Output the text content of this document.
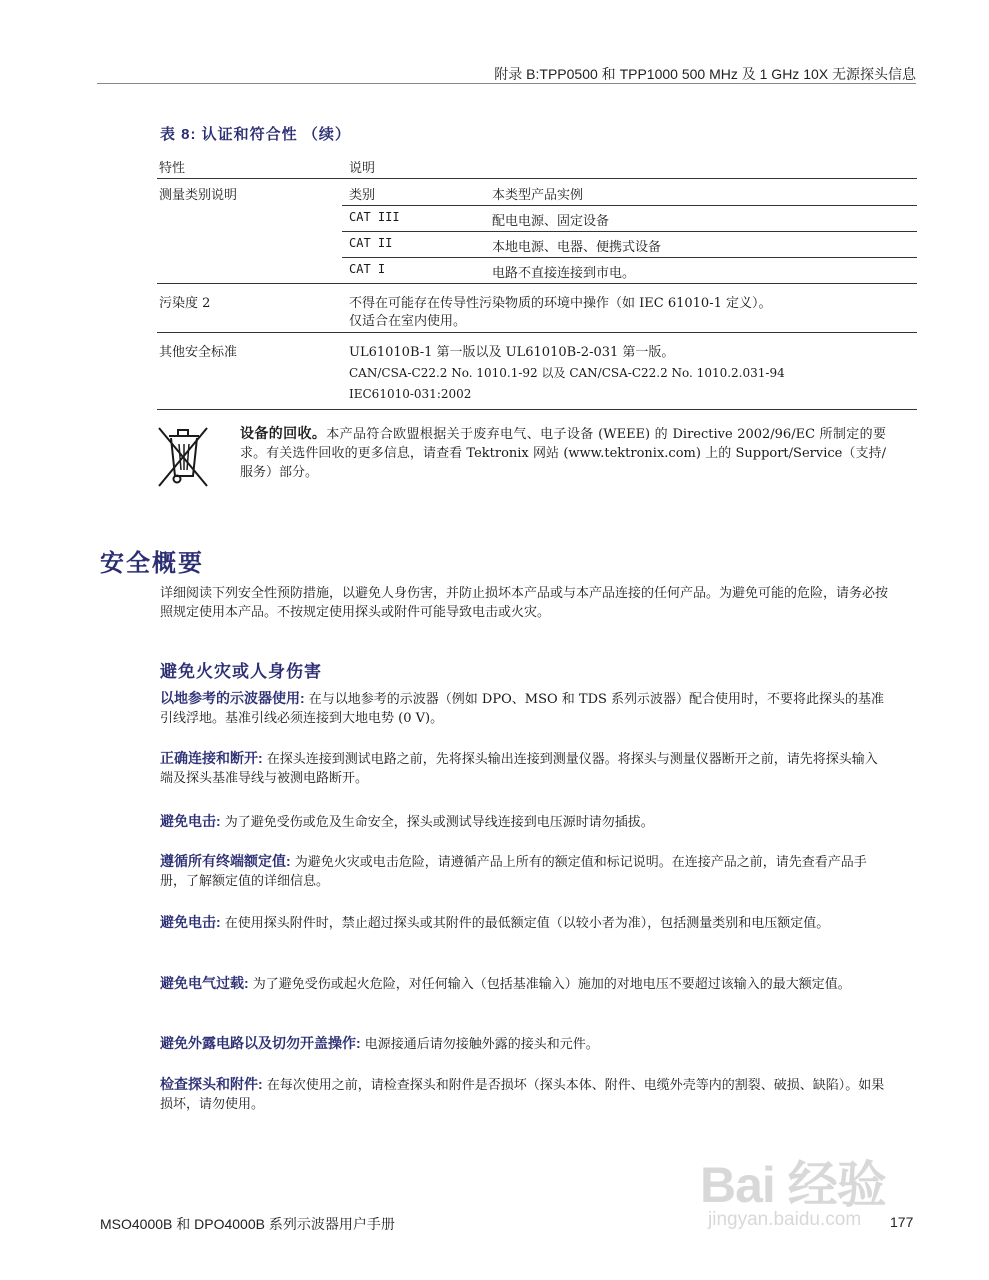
附录 B:TPP0500 和 TPP1000 500 MHz 及 1 GHz 10X 无源探头信息
表 8: 认证和符合性 （续）
特性	说明
测量类别说明	类别	本类型产品实例
CAT III	配电电源、固定设备
CAT II	本地电源、电器、便携式设备
CAT I	电路不直接连接到市电。
污染度 2	不得在可能存在传导性污染物质的环境中操作（如 IEC 61010-1 定义）。
仅适合在室内使用。
其他安全标准	UL61010B-1 第一版以及 UL61010B-2-031 第一版。
CAN/CSA-C22.2 No. 1010.1-92 以及 CAN/CSA-C22.2 No. 1010.2.031-94
IEC61010-031:2002
设备的回收。本产品符合欧盟根据关于废弃电气、电子设备 (WEEE) 的 Directive 2002/96/EC 所制定的要求。有关选件回收的更多信息，请查看 Tektronix 网站 (www.tektronix.com) 上的 Support/Service（支持/服务）部分。
安全概要
详细阅读下列安全性预防措施，以避免人身伤害，并防止损坏本产品或与本产品连接的任何产品。为避免可能的危险，请务必按照规定使用本产品。不按规定使用探头或附件可能导致电击或火灾。
避免火灾或人身伤害
以地参考的示波器使用: 在与以地参考的示波器（例如 DPO、MSO 和 TDS 系列示波器）配合使用时，不要将此探头的基准引线浮地。基准引线必须连接到大地电势 (0 V)。
正确连接和断开: 在探头连接到测试电路之前，先将探头输出连接到测量仪器。将探头与测量仪器断开之前，请先将探头输入端及探头基准导线与被测电路断开。
避免电击: 为了避免受伤或危及生命安全，探头或测试导线连接到电压源时请勿插拔。
遵循所有终端额定值: 为避免火灾或电击危险，请遵循产品上所有的额定值和标记说明。在连接产品之前，请先查看产品手册，了解额定值的详细信息。
避免电击: 在使用探头附件时，禁止超过探头或其附件的最低额定值（以较小者为准），包括测量类别和电压额定值。
避免电气过载: 为了避免受伤或起火危险，对任何输入（包括基准输入）施加的对地电压不要超过该输入的最大额定值。
避免外露电路以及切勿开盖操作: 电源接通后请勿接触外露的接头和元件。
检查探头和附件: 在每次使用之前，请检查探头和附件是否损坏（探头本体、附件、电缆外壳等内的割裂、破损、缺陷）。如果损坏，请勿使用。
Bai 经验
jingyan.baidu.com
MSO4000B 和 DPO4000B 系列示波器用户手册	177
